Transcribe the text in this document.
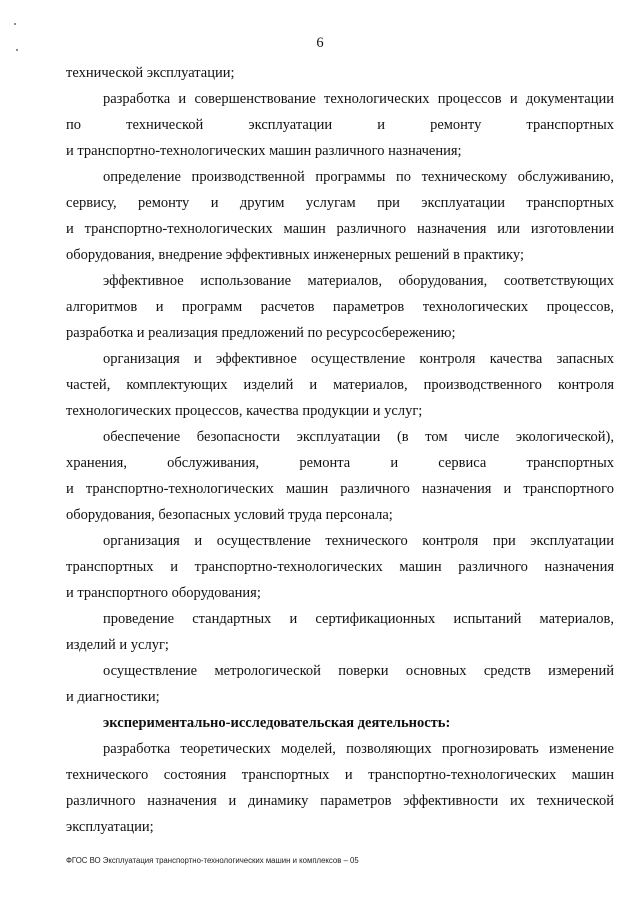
6
технической эксплуатации;
разработка и совершенствование технологических процессов и документации
по технической эксплуатации и ремонту транспортных
и транспортно-технологических машин различного назначения;
определение производственной программы по техническому обслуживанию,
сервису, ремонту и другим услугам при эксплуатации транспортных
и транспортно-технологических машин различного назначения или изготовлении
оборудования, внедрение эффективных инженерных решений в практику;
эффективное использование материалов, оборудования, соответствующих
алгоритмов и программ расчетов параметров технологических процессов,
разработка и реализация предложений по ресурсосбережению;
организация и эффективное осуществление контроля качества запасных
частей, комплектующих изделий и материалов, производственного контроля
технологических процессов, качества продукции и услуг;
обеспечение безопасности эксплуатации (в том числе экологической),
хранения, обслуживания, ремонта и сервиса транспортных
и транспортно-технологических машин различного назначения и транспортного
оборудования, безопасных условий труда персонала;
организация и осуществление технического контроля при эксплуатации
транспортных и транспортно-технологических машин различного назначения
и транспортного оборудования;
проведение стандартных и сертификационных испытаний материалов,
изделий и услуг;
осуществление метрологической поверки основных средств измерений
и диагностики;
экспериментально-исследовательская деятельность:
разработка теоретических моделей, позволяющих прогнозировать изменение
технического состояния транспортных и транспортно-технологических машин
различного назначения и динамику параметров эффективности их технической
эксплуатации;
ФГОС ВО Эксплуатация транспортно-технологических машин и комплексов – 05
